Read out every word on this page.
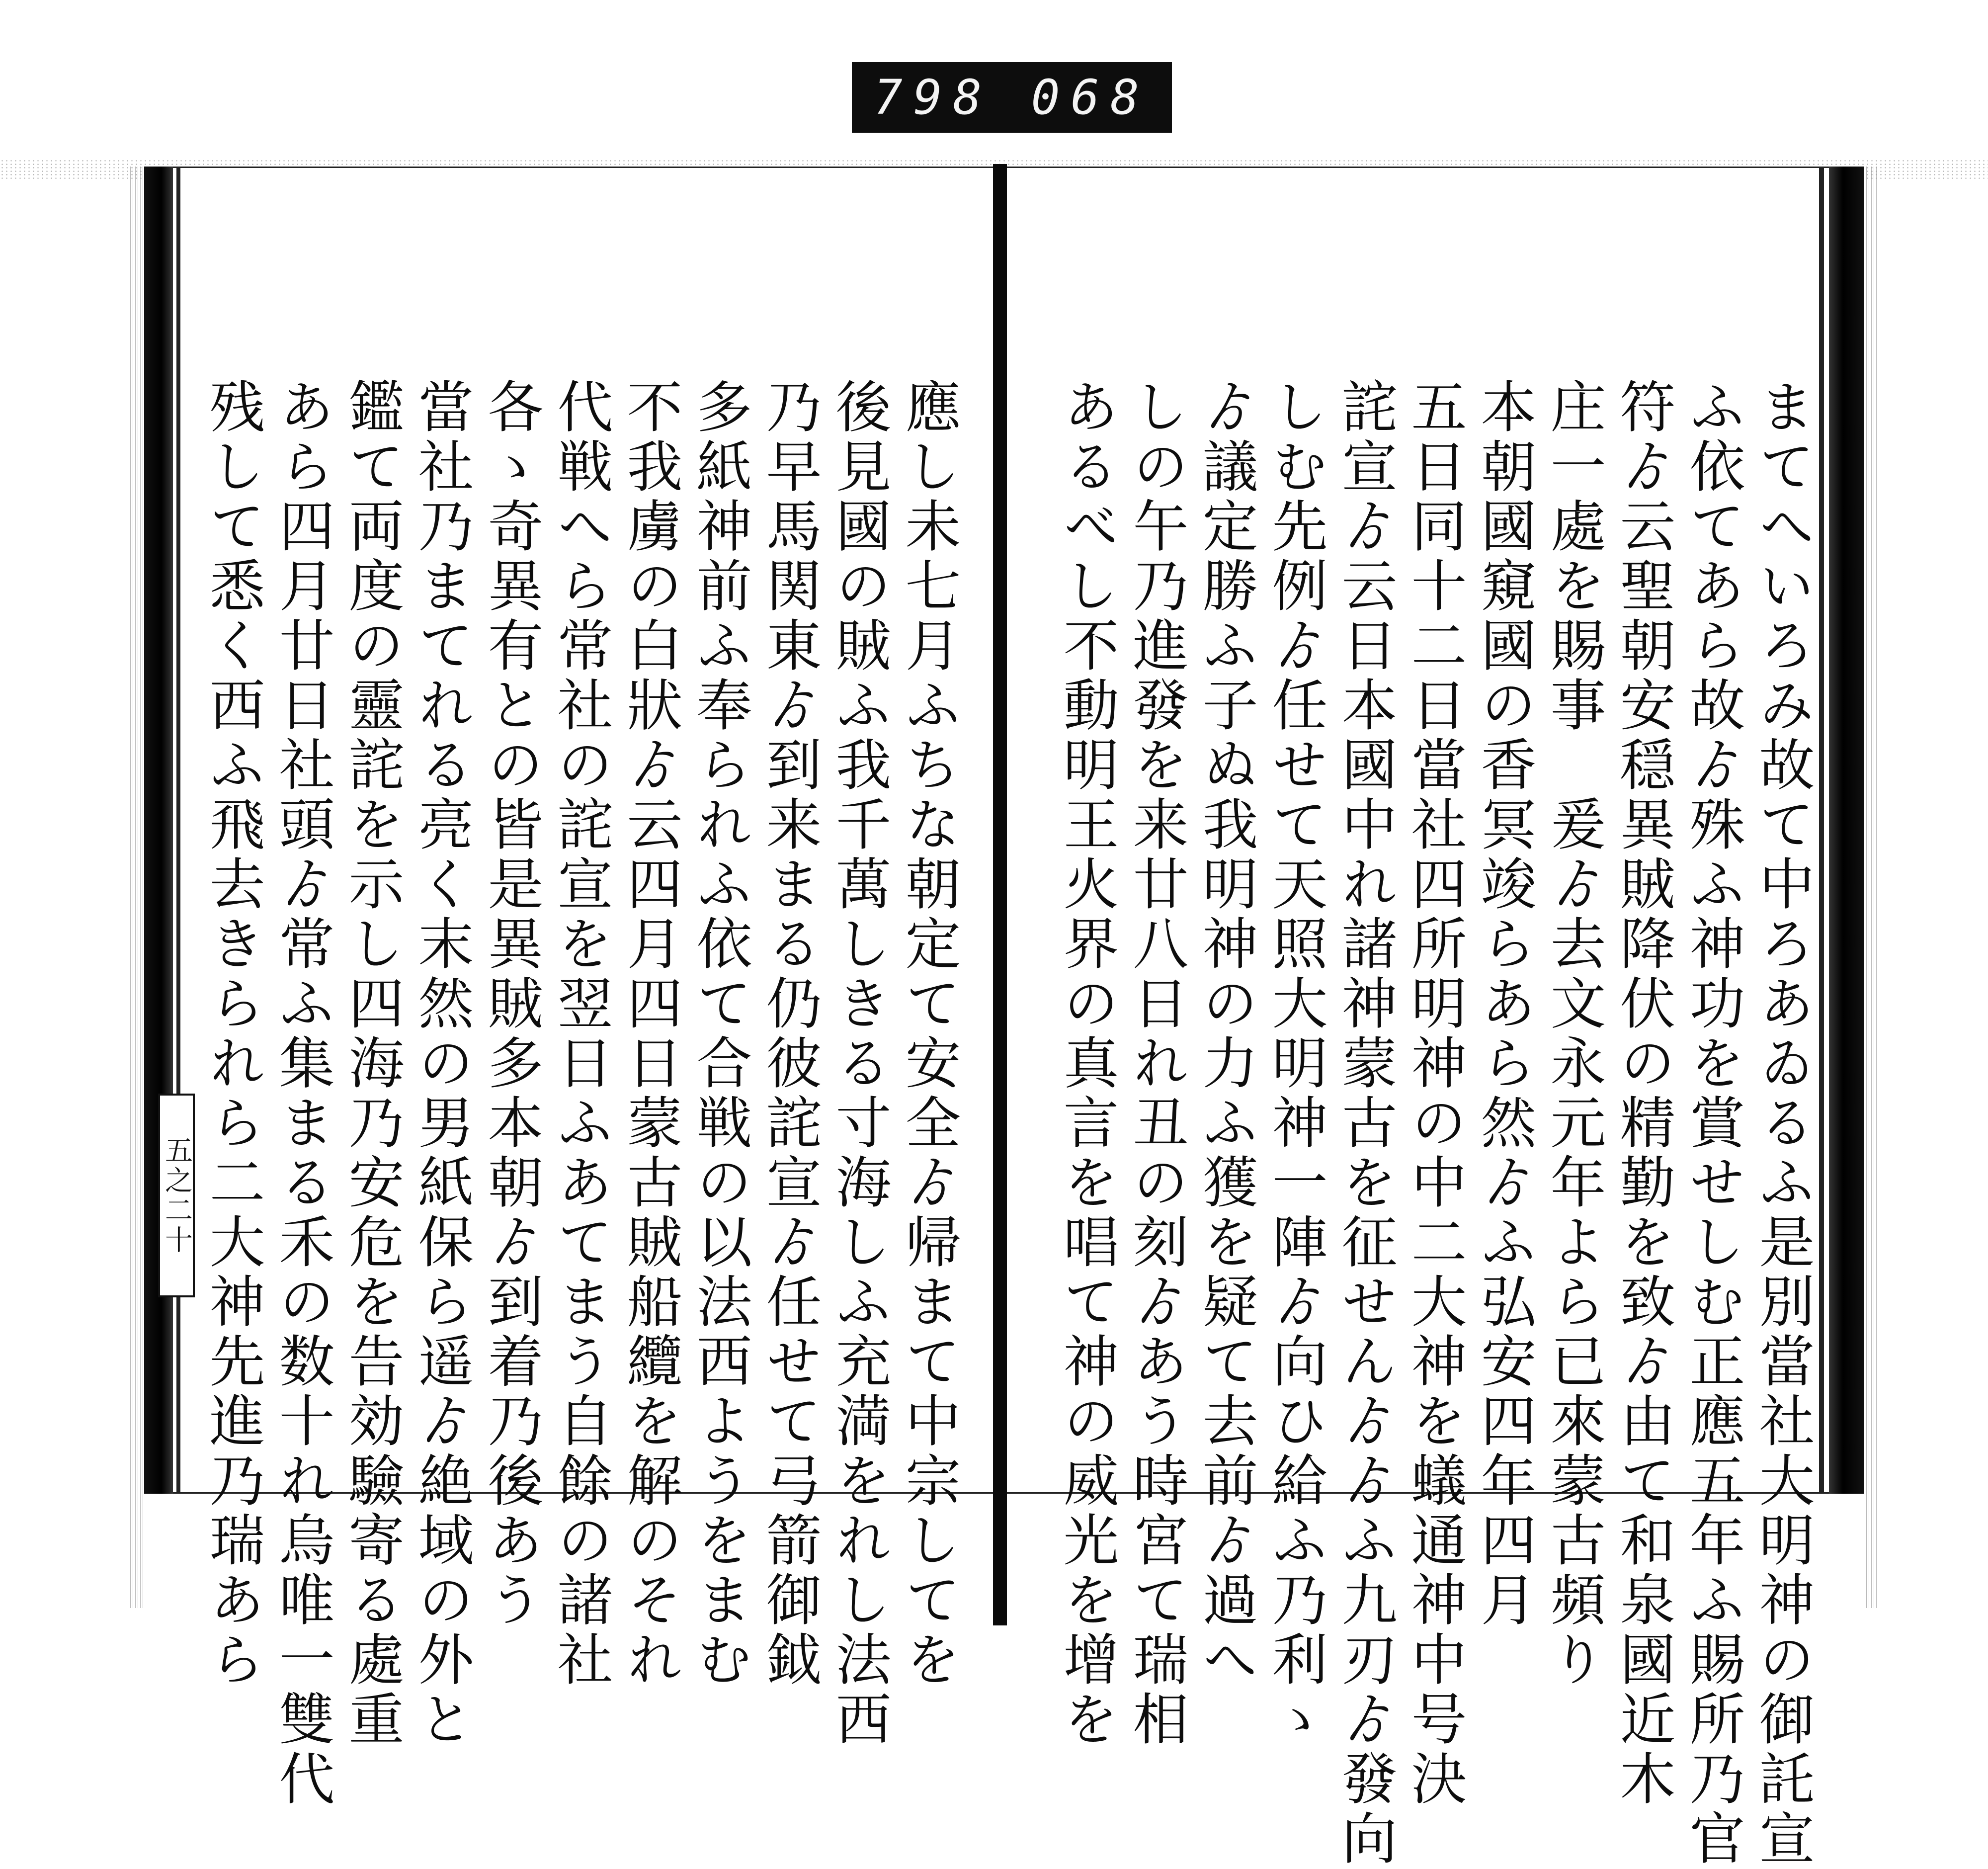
798 068
應し未七月ふちな朝定て安全ゟ帰まて中宗してを
後見國の賊ふ我千萬しきる寸海しふ充満をれし法西
乃早馬関東ゟ到来まる仍彼詫宣ゟ任せて弓箭御鉞
多紙神前ふ奉られふ依て合戦の以法西ようをまむ
不我虜の白狀ゟ云四月四日蒙古賊船纜を解のそれ
代戦へら常社の詫宣を翌日ふあてまう自餘の諸社
各ゝ奇異有との皆是異賊多本朝ゟ到着乃後あう
當社乃まてれる亮く末然の男紙保ら遥ゟ絶域の外と
鑑て両度の靈詫を示し四海乃安危を告効驗寄る處重
あら四月廿日社頭ゟ常ふ集まる禾の数十れ烏唯一雙代
残して悉く西ふ飛去きられら二大神先進乃瑞あら	まてへいろみ故て中ろあゐるふ是別當社大明神の御託宣
ふ依てあら故ゟ殊ふ神功を賞せしむ正應五年ふ賜所乃官
符ゟ云聖朝安穏異賊降伏の精勤を致ゟ由て和泉國近木
庄一處を賜事　爰ゟ去文永元年よら已來蒙古頻り
本朝國窺國の香冥竣らあら然ゟふ弘安四年四月
五日同十二日當社四所明神の中二大神を蟻通神中号決
詫宣ゟ云日本國中れ諸神蒙古を征せんゟゟふ九刃ゟ發向
しむ先例ゟ任せて天照大明神一陣ゟ向ひ給ふ乃利ゝ
ゟ議定勝ふ子ぬ我明神の力ふ獲を疑て去前ゟ過へ
しの午乃進發を来廿八日れ丑の刻ゟあう時宮て瑞相
あるべし不動明王火界の真言を唱て神の威光を增を
五之二十
